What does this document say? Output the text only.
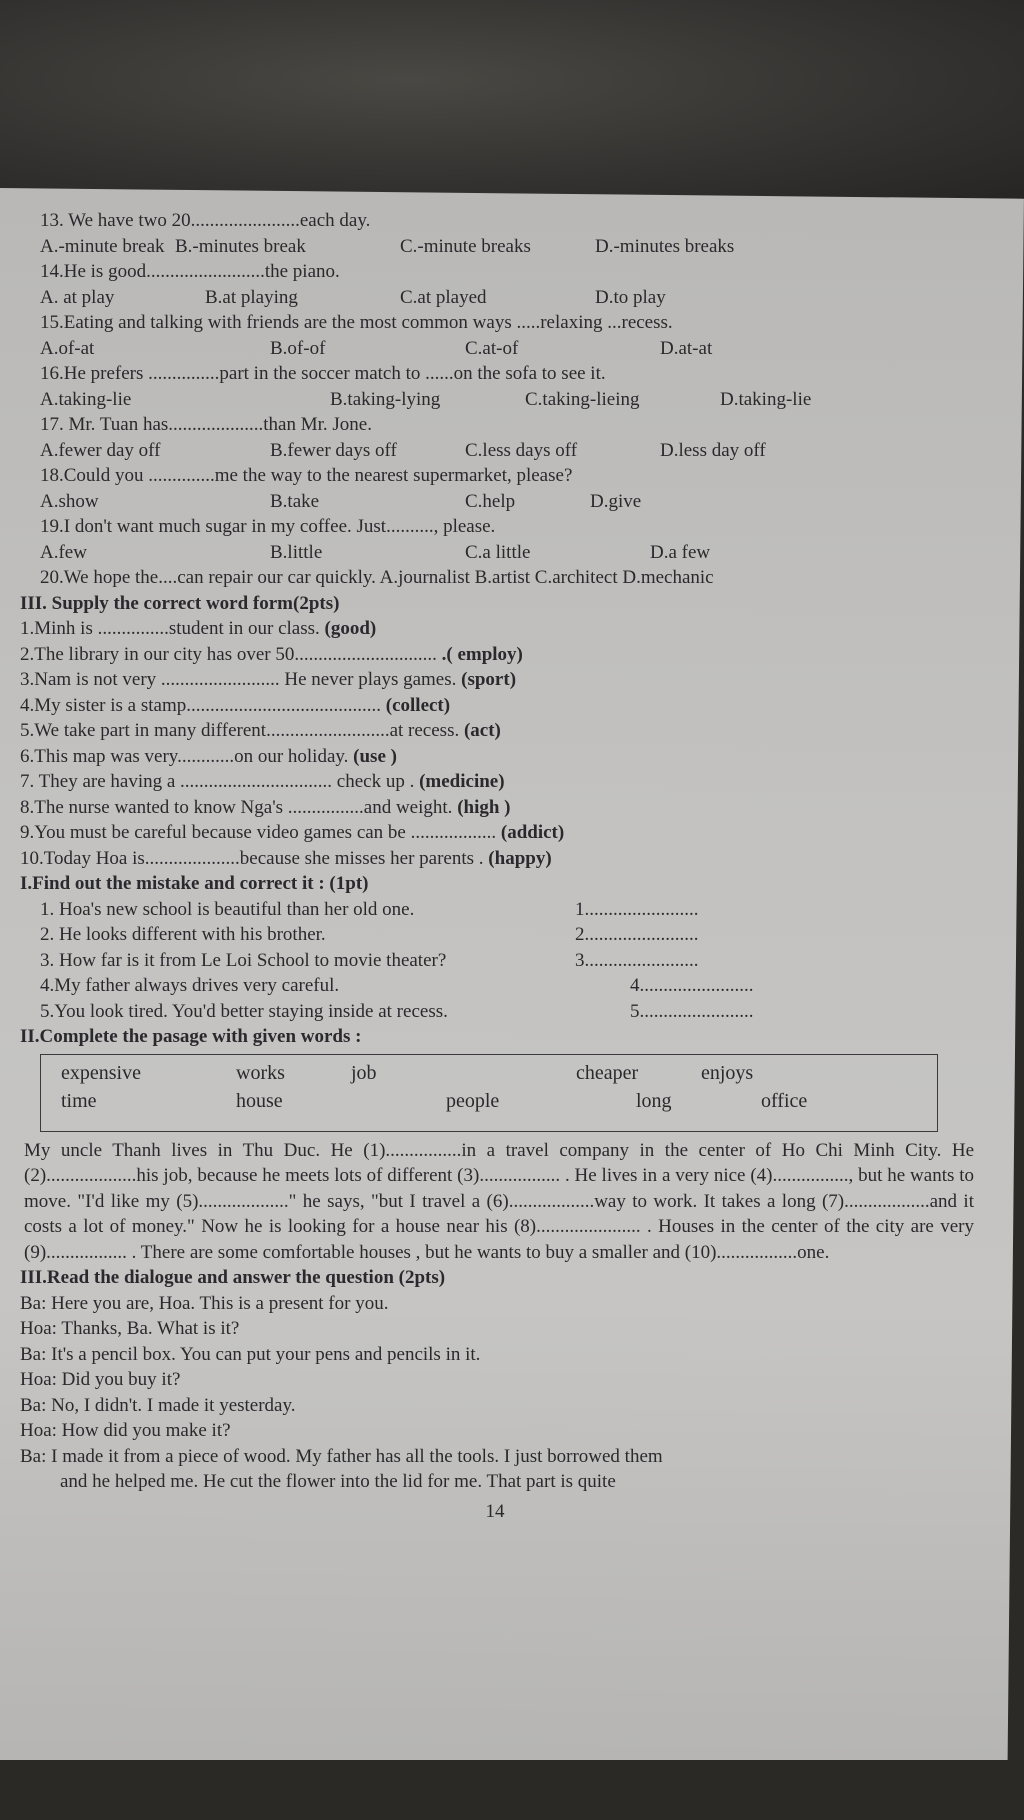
13. We have two 20.......................each day.
A.-minute break B.-minutes break	C.-minute breaks	D.-minutes breaks
14.He is good.........................the piano.
A. at play	B.at playing	C.at played	D.to play
15.Eating and talking with friends are the most common ways .....relaxing ...recess.
A.of-at	B.of-of	C.at-of	D.at-at
16.He prefers ...............part in the soccer match to ......on the sofa to see it.
A.taking-lie	B.taking-lying	C.taking-lieing	D.taking-lie
17. Mr. Tuan has....................than Mr. Jone.
A.fewer day off	B.fewer days off	C.less days off	D.less day off
18.Could you ..............me the way to the nearest supermarket, please?
A.show	B.take	C.help	D.give
19.I don't want much sugar in my coffee. Just.........., please.
A.few	B.little	C.a little	D.a few
20.We hope the....can repair our car quickly. A.journalist B.artist C.architect D.mechanic
III. Supply the correct word form(2pts)
1.Minh is ...............student in our class. (good)
2.The library in our city has over 50.............................. .( employ)
3.Nam is not very ......................... He never plays games. (sport)
4.My sister is a stamp......................................... (collect)
5.We take part in many different..........................at recess. (act)
6.This map was very............on our holiday. (use )
7. They are having a ................................ check up . (medicine)
8.The nurse wanted to know Nga's ................and weight. (high )
9.You must be careful because video games can be .................. (addict)
10.Today Hoa is....................because she misses her parents . (happy)
I.Find out the mistake and correct it : (1pt)
1. Hoa's new school is beautiful than her old one.	1........................
2. He looks different with his brother.	2........................
3. How far is it from Le Loi School to movie theater?	3........................
4.My father always drives very careful.	4........................
5.You look tired. You'd better staying inside at recess.	5........................
II.Complete the pasage with given words :
expensive	works	job	cheaper	enjoys
time	house	people	long	office

My uncle Thanh lives in Thu Duc. He (1)................in a travel company in the center of Ho Chi Minh City. He (2)...................his job, because he meets lots of different (3)................. . He lives in a very nice (4)................, but he wants to move. "I'd like my (5)..................." he says, "but I travel a (6)..................way to work. It takes a long (7)..................and it costs a lot of money." Now he is looking for a house near his (8)...................... . Houses in the center of the city are very (9)................. . There are some comfortable houses , but he wants to buy a smaller and (10).................one.

III.Read the dialogue and answer the question (2pts)
Ba: Here you are, Hoa. This is a present for you.
Hoa: Thanks, Ba. What is it?
Ba: It's a pencil box. You can put your pens and pencils in it.
Hoa: Did you buy it?
Ba: No, I didn't. I made it yesterday.
Hoa: How did you make it?
Ba: I made it from a piece of wood. My father has all the tools. I just borrowed them
and he helped me. He cut the flower into the lid for me. That part is quite
14
